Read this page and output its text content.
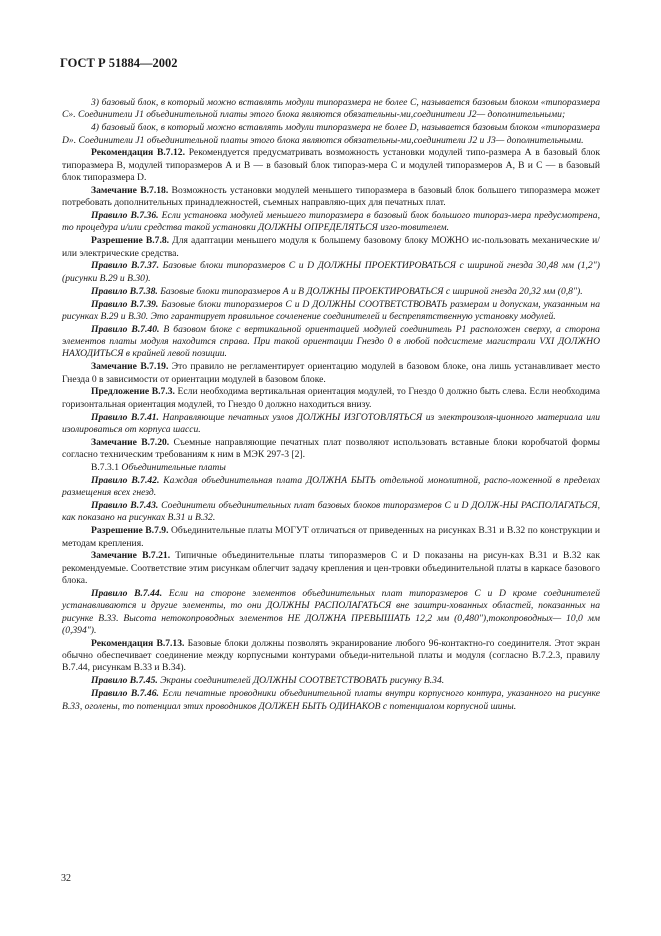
ГОСТ Р 51884—2002

3) базовый блок, в который можно вставлять модули типоразмера не более С, называется базовым блоком «типоразмера С». Соединители J1 объединительной платы этого блока являются обязательны-ми,соединители J2— дополнительными;

4) базовый блок, в который можно вставлять модули типоразмера не более D, называется базовым блоком «типоразмера D». Соединители J1 объединительной платы этого блока являются обязательны-ми,соединители J2 и J3— дополнительными.

Рекомендация В.7.12. Рекомендуется предусматривать возможность установки модулей типо-размера А в базовый блок типоразмера В, модулей типоразмеров А и В — в базовый блок типораз-мера С и модулей типоразмеров А, В и С — в базовый блок типоразмера D.

Замечание В.7.18. Возможность установки модулей меньшего типоразмера в базовый блок большего типоразмера может потребовать дополнительных принадлежностей, съемных направляю-щих для печатных плат.

Правило В.7.36. Если установка модулей меньшего типоразмера в базовый блок большого типораз-мера предусмотрена, то процедура и/или средства такой установки ДОЛЖНЫ ОПРЕДЕЛЯТЬСЯ изго-товителем.

Разрешение В.7.8. Для адаптации меньшего модуля к большему базовому блоку МОЖНО ис-пользовать механические и/или электрические средства.

Правило В.7.37. Базовые блоки типоразмеров С и D ДОЛЖНЫ ПРОЕКТИРОВАТЬСЯ с шириной гнезда 30,48 мм (1,2") (рисунки В.29 и В.30).

Правило В.7.38. Базовые блоки типоразмеров А и В ДОЛЖНЫ ПРОЕКТИРОВАТЬСЯ с шириной гнезда 20,32 мм (0,8").

Правило В.7.39. Базовые блоки типоразмеров С и D ДОЛЖНЫ СООТВЕТСТВОВАТЬ размерам и допускам, указанным на рисунках В.29 и В.30. Это гарантирует правильное сочленение соединителей и беспрепятственную установку модулей.

Правило В.7.40. В базовом блоке с вертикальной ориентацией модулей соединитель Р1 расположен сверху, а сторона элементов платы модуля находится справа. При такой ориентации Гнездо 0 в любой подсистеме магистрали VXI ДОЛЖНО НАХОДИТЬСЯ в крайней левой позиции.

Замечание В.7.19. Это правило не регламентирует ориентацию модулей в базовом блоке, она лишь устанавливает место Гнезда 0 в зависимости от ориентации модулей в базовом блоке.

Предложение В.7.3. Если необходима вертикальная ориентация модулей, то Гнездо 0 должно быть слева. Если необходима горизонтальная ориентация модулей, то Гнездо 0 должно находиться внизу.

Правило В.7.41. Направляющие печатных узлов ДОЛЖНЫ ИЗГОТОВЛЯТЬСЯ из электроизоля-ционного материала или изолироваться от корпуса шасси.

Замечание В.7.20. Съемные направляющие печатных плат позволяют использовать вставные блоки коробчатой формы согласно техническим требованиям к ним в МЭК 297-3 [2].

В.7.3.1 Объединительные платы

Правило В.7.42. Каждая объединительная плата ДОЛЖНА БЫТЬ отдельной монолитной, распо-ложенной в пределах размещения всех гнезд.

Правило В.7.43. Соединители объединительных плат базовых блоков типоразмеров С и D ДОЛЖ-НЫ РАСПОЛАГАТЬСЯ, как показано на рисунках В.31 и В.32.

Разрешение В.7.9. Объединительные платы МОГУТ отличаться от приведенных на рисунках В.31 и В.32 по конструкции и методам крепления.

Замечание В.7.21. Типичные объединительные платы типоразмеров С и D показаны на рисун-ках В.31 и В.32 как рекомендуемые. Соответствие этим рисункам облегчит задачу крепления и цен-тровки объединительной платы в каркасе базового блока.

Правило В.7.44. Если на стороне элементов объединительных плат типоразмеров С и D кроме соединителей устанавливаются и другие элементы, то они ДОЛЖНЫ РАСПОЛАГАТЬСЯ вне заштри-хованных областей, показанных на рисунке В.33. Высота нетокопроводных элементов НЕ ДОЛЖНА ПРЕВЫШАТЬ 12,2 мм (0,480"),токопроводных— 10,0 мм (0,394").

Рекомендация В.7.13. Базовые блоки должны позволять экранирование любого 96-контактно-го соединителя. Этот экран обычно обеспечивает соединение между корпусными контурами объеди-нительной платы и модуля (согласно В.7.2.3, правилу В.7.44, рисункам В.33 и В.34).

Правило В.7.45. Экраны соединителей ДОЛЖНЫ СООТВЕТСТВОВАТЬ рисунку В.34.

Правило В.7.46. Если печатные проводники объединительной платы внутри корпусного контура, указанного на рисунке В.33, оголены, то потенциал этих проводников ДОЛЖЕН БЫТЬ ОДИНАКОВ с потенциалом корпусной шины.

32
